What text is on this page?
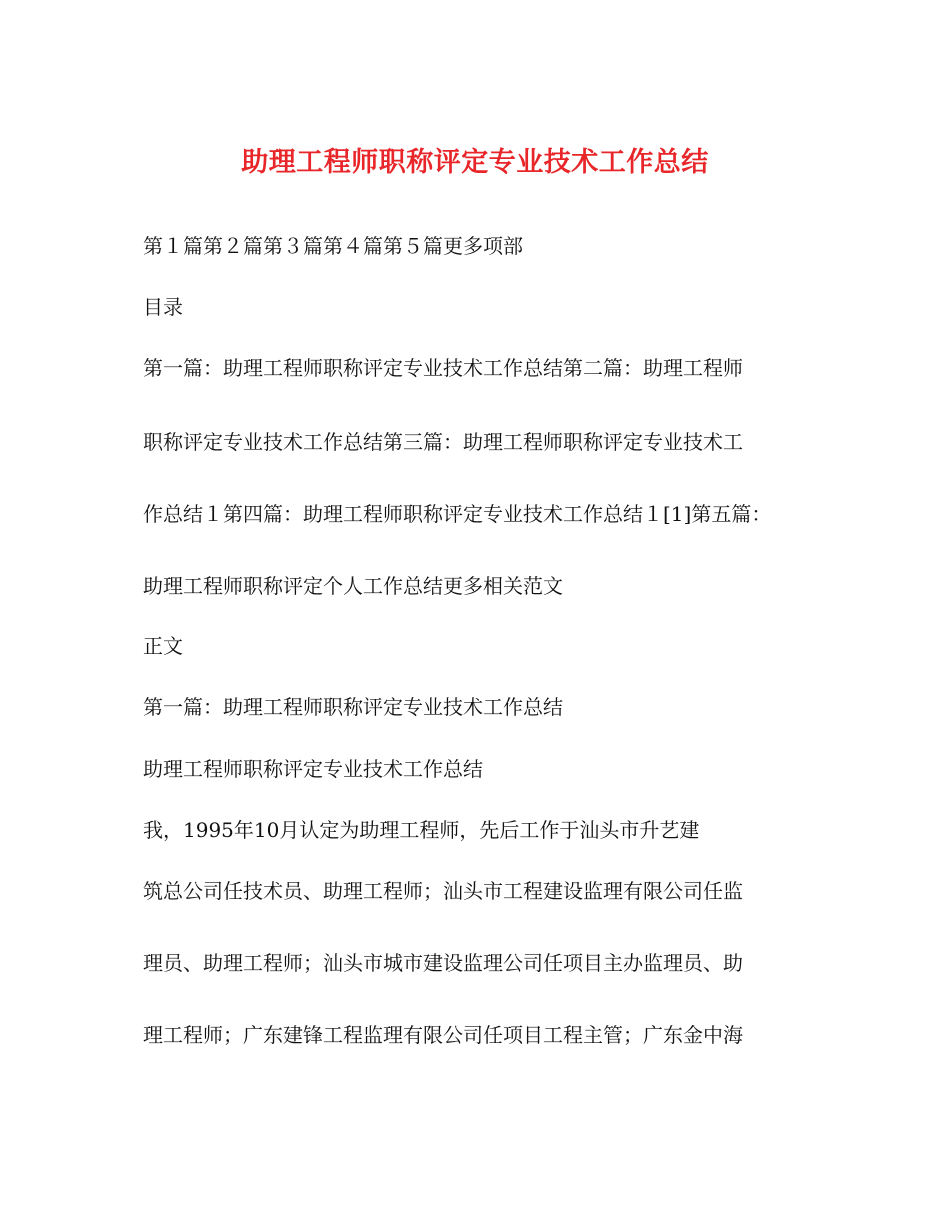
助理工程师职称评定专业技术工作总结
第１篇第２篇第３篇第４篇第５篇更多项部
目录
第一篇：助理工程师职称评定专业技术工作总结第二篇：助理工程师
职称评定专业技术工作总结第三篇：助理工程师职称评定专业技术工
作总结１第四篇：助理工程师职称评定专业技术工作总结１[1]第五篇：
助理工程师职称评定个人工作总结更多相关范文
正文
第一篇：助理工程师职称评定专业技术工作总结
助理工程师职称评定专业技术工作总结
我，1995年10月认定为助理工程师，先后工作于汕头市升艺建
筑总公司任技术员、助理工程师；汕头市工程建设监理有限公司任监
理员、助理工程师；汕头市城市建设监理公司任项目主办监理员、助
理工程师；广东建锋工程监理有限公司任项目工程主管；广东金中海
